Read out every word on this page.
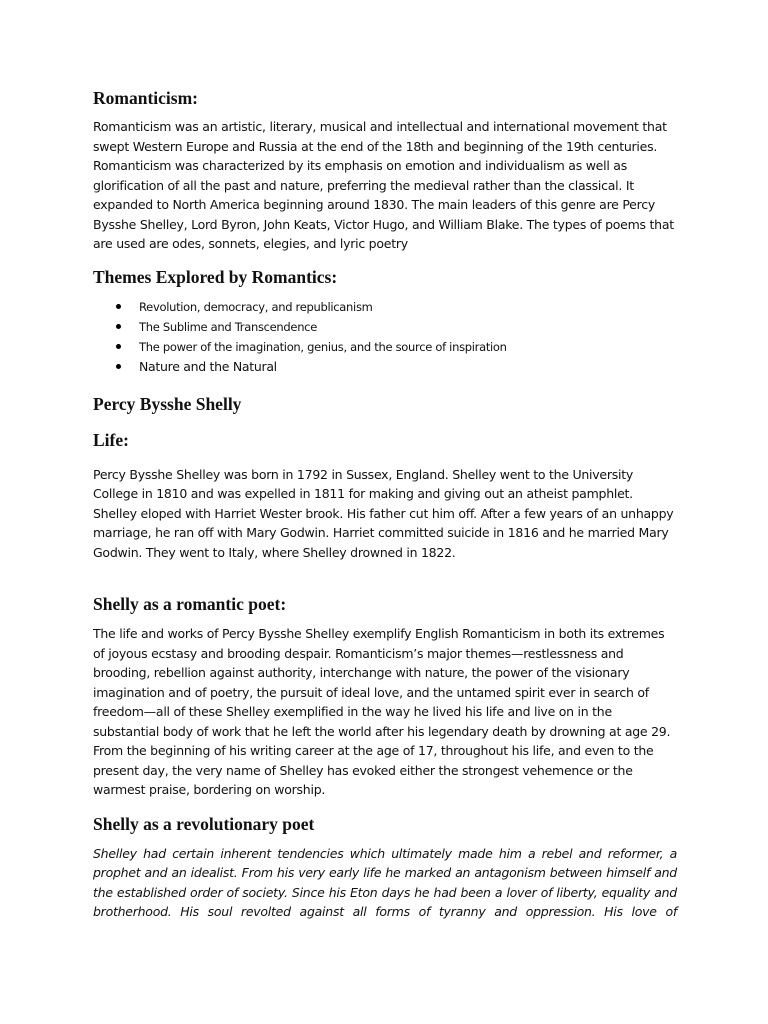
Romanticism:

Romanticism was an artistic, literary, musical and intellectual and international movement that swept Western Europe and Russia at the end of the 18th and beginning of the 19th centuries. Romanticism was characterized by its emphasis on emotion and individualism as well as glorification of all the past and nature, preferring the medieval rather than the classical. It expanded to North America beginning around 1830. The main leaders of this genre are Percy Bysshe Shelley, Lord Byron, John Keats, Victor Hugo, and William Blake. The types of poems that are used are odes, sonnets, elegies, and lyric poetry

Themes Explored by Romantics:
Revolution, democracy, and republicanism
The Sublime and Transcendence
The power of the imagination, genius, and the source of inspiration
Nature and the Natural
Percy Bysshe Shelly
Life:

Percy Bysshe Shelley was born in 1792 in Sussex, England. Shelley went to the University College in 1810 and was expelled in 1811 for making and giving out an atheist pamphlet. Shelley eloped with Harriet Wester brook. His father cut him off. After a few years of an unhappy marriage, he ran off with Mary Godwin. Harriet committed suicide in 1816 and he married Mary Godwin. They went to Italy, where Shelley drowned in 1822.

Shelly as a romantic poet:

The life and works of Percy Bysshe Shelley exemplify English Romanticism in both its extremes of joyous ecstasy and brooding despair. Romanticism’s major themes—restlessness and brooding, rebellion against authority, interchange with nature, the power of the visionary imagination and of poetry, the pursuit of ideal love, and the untamed spirit ever in search of freedom—all of these Shelley exemplified in the way he lived his life and live on in the substantial body of work that he left the world after his legendary death by drowning at age 29. From the beginning of his writing career at the age of 17, throughout his life, and even to the present day, the very name of Shelley has evoked either the strongest vehemence or the warmest praise, bordering on worship.

Shelly as a revolutionary poet

Shelley had certain inherent tendencies which ultimately made him a rebel and reformer, a prophet and an idealist. From his very early life he marked an antagonism between himself and the established order of society. Since his Eton days he had been a lover of liberty, equality and brotherhood. His soul revolted against all forms of tyranny and oppression. His love of
